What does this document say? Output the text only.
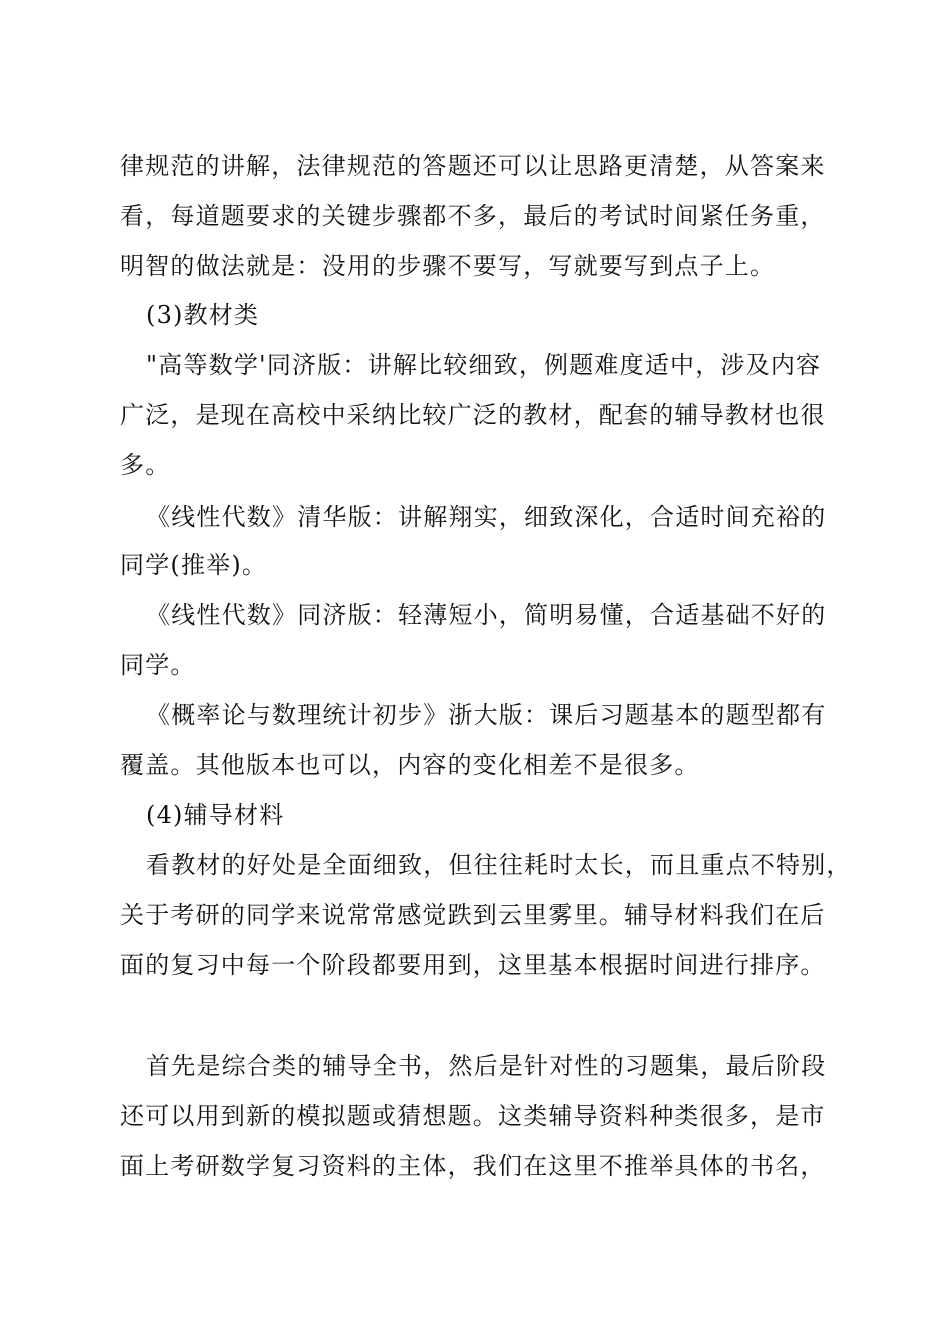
律规范的讲解，法律规范的答题还可以让思路更清楚，从答案来
看，每道题要求的关键步骤都不多，最后的考试时间紧任务重，
明智的做法就是：没用的步骤不要写，写就要写到点子上。
(3)教材类
"高等数学'同济版：讲解比较细致，例题难度适中，涉及内容
广泛，是现在高校中采纳比较广泛的教材，配套的辅导教材也很
多。
《线性代数》清华版：讲解翔实，细致深化，合适时间充裕的
同学(推举)。
《线性代数》同济版：轻薄短小，简明易懂，合适基础不好的
同学。
《概率论与数理统计初步》浙大版：课后习题基本的题型都有
覆盖。其他版本也可以，内容的变化相差不是很多。
(4)辅导材料
看教材的好处是全面细致，但往往耗时太长，而且重点不特别，
关于考研的同学来说常常感觉跌到云里雾里。辅导材料我们在后
面的复习中每一个阶段都要用到，这里基本根据时间进行排序。
首先是综合类的辅导全书，然后是针对性的习题集，最后阶段
还可以用到新的模拟题或猜想题。这类辅导资料种类很多，是市
面上考研数学复习资料的主体，我们在这里不推举具体的书名，
